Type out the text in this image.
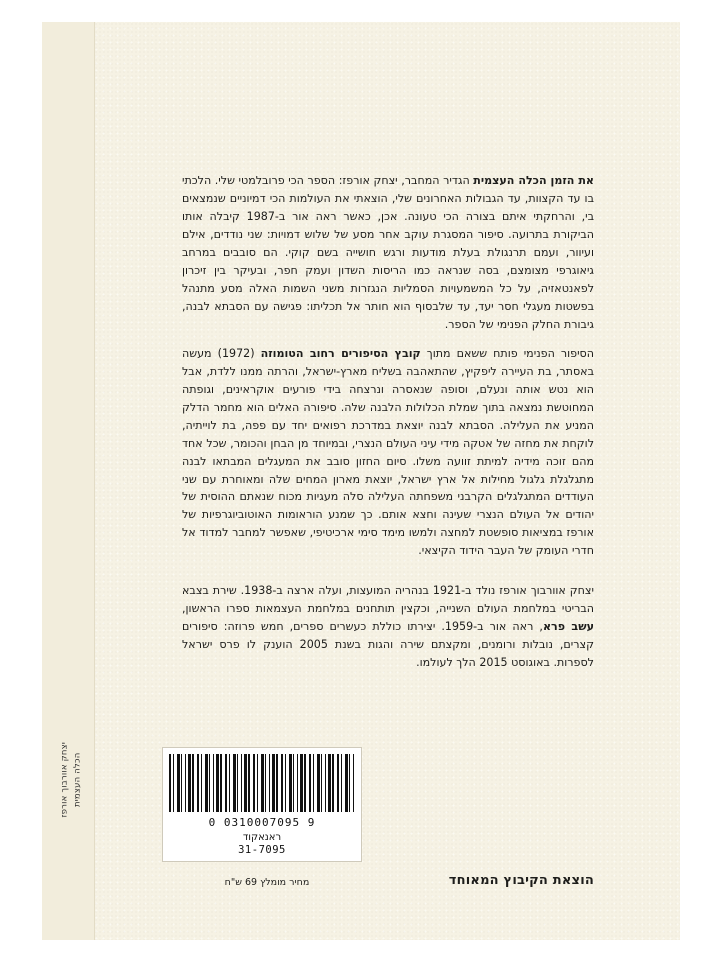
יצחק אוורבוך אורפז הכלה העצמית

את הזמן הכלה העצמית הגדיר המחבר, יצחק אורפז: הספר הכי פרובלמטי שלי. הלכתי בו עד הקצוות, עד הגבולות האחרונים שלי, הוצאתי את העולמות הכי דמיוניים שנמצאים בי, והרחקתי איתם בצורה הכי טעונה. אכן, כאשר ראה אור ב-1987 קיבלה אותו הביקורת בתרועה. סיפור המסגרת עוקב אחר מסע של שלוש דמויות: שני נודדים, אילם ועיוור, ועמם תרנגולת בעלת מודעות ורגש חושייה בשם קוקי. הם סובבים במרחב גיאוגרפי מצומצם, בסה שנראה כמו הריסות השדון ועמק חפר, ובעיקר בין זיכרון לפאנטאזיה, על כל המשמעויות הסמליות הנגזרות משני השמות האלה מסע מתנהל בפשטות מעגלי חסר יעד, עד שלבסוף הוא חותר אל תכליתו: פגישה עם הסבתא לבנה, גיבורת החלק הפנימי של הספר.

הסיפור הפנימי פותח ששאם מתוך קובץ הסיפורים רחוב הטומוזה (1972) מעשה באסתר, בת העיירה ליפקיץ, שהתאהבה בשליח מארץ-ישראל, והרתה ממנו ללדת, אבל הוא נטש אותה ונעלם, וסופה שנאסרה ונרצחה בידי פורעים אוקראינים, וגופתה המחוטשת נמצאה בתוך שמלת הכלולות הלבנה שלה. סיפורה האלים הוא מחמר הדלק המניע את העלילה. הסבתא לבנה יוצאת במדרכת רפואים יחד עם פפה, בת לוייתיה, לוקחת את מחזה של אטקה מידי עיני העולם הנצרי, ובמיוחד מן הבחן והכומר, שכל אחד מהם זוכה מידיה למיתת זוועה משלו. סיום החזון סובב את המעגלים המבתאו לבנה מתגלגלת גלגול מחילות אל ארץ ישראל, יוצאת מארון המחים שלה ומאוחרת עם שני העודדים המתגלגלים הקרבני משפחתה העלילה סלה מעגיות מכוח שנאתם ההוסית של יהודים אל העולם הנצרי שעינה וחצא אותם. כך שמנע הוראומות האוטוביוגרפיות של אורפז במציאות סופשטת למחצה ולמשו מימד סימי ארכיטיפי, שאפשר למחבר למדוד אל חדרי העומק של העבר הידוד הקיצאי.

יצחק אוורבוך אורפז נולד ב-1921 בנהריה המועצות, ועלה ארצה ב-1938. שירת בצבא הבריטי במלחמת העולם השנייה, וכקצין תותחנים במלחמת העצמאות ספרו הראשון, עשב פרא, ראה אור ב-1959. יצירתו כוללת כעשרים ספרים, חמש פרוזה: סיפורים קצרים, נובלות ורומנים, ומקצתם שירה והגות בשנת 2005 הוענק לו פרס ישראל לספרות. באוגוסט 2015 הלך לעולמו.

0 0310007095 9
ראנאקוד
31-7095
מחיר מומלץ 69 ש"ח	הוצאת הקיבוץ המאוחד
